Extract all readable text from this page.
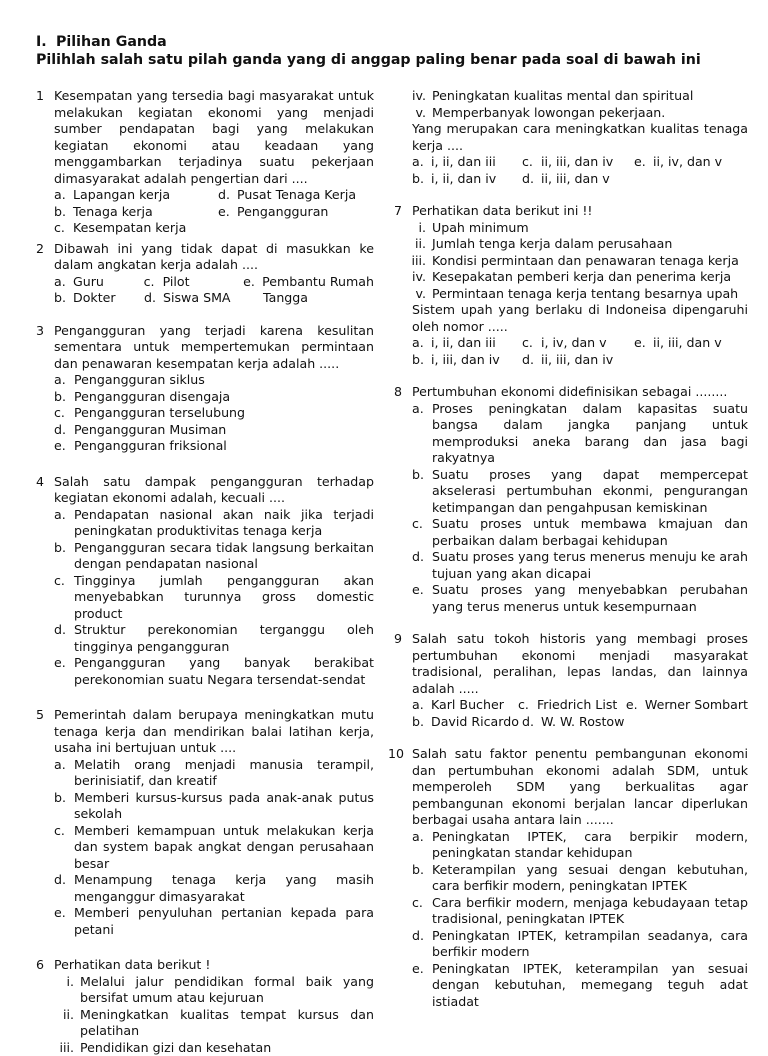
I. Pilihan Ganda
Pilihlah salah satu pilah ganda yang di anggap paling benar pada soal di bawah ini
1 Kesempatan yang tersedia bagi masyarakat untuk melakukan kegiatan ekonomi yang menjadi sumber pendapatan bagi yang melakukan kegiatan ekonomi atau keadaan yang menggambarkan terjadinya suatu pekerjaan dimasyarakat adalah pengertian dari ....
a. Lapangan kerja	d. Pusat Tenaga Kerja
b. Tenaga kerja	e. Pengangguran
c. Kesempatan kerja
2 Dibawah ini yang tidak dapat di masukkan ke dalam angkatan kerja adalah ....
a. Guru	c. Pilot	e. Pembantu Rumah
b. Dokter	d. Siswa SMA	Tangga
3 Pengangguran yang terjadi karena kesulitan sementara untuk mempertemukan permintaan dan penawaran kesempatan kerja adalah .....
a. Pengangguran siklus
b. Pengangguran disengaja
c. Pengangguran terselubung
d. Pengangguran Musiman
e. Pengangguran friksional
4 Salah satu dampak pengangguran terhadap kegiatan ekonomi adalah, kecuali ....
a. Pendapatan nasional akan naik jika terjadi peningkatan produktivitas tenaga kerja
b. Pengangguran secara tidak langsung berkaitan dengan pendapatan nasional
c. Tingginya jumlah pengangguran akan menyebabkan turunnya gross domestic product
d. Struktur perekonomian terganggu oleh tingginya pengangguran
e. Pengangguran yang banyak berakibat perekonomian suatu Negara tersendat-sendat
5 Pemerintah dalam berupaya meningkatkan mutu tenaga kerja dan mendirikan balai latihan kerja, usaha ini bertujuan untuk ....
a. Melatih orang menjadi manusia terampil, berinisiatif, dan kreatif
b. Memberi kursus-kursus pada anak-anak putus sekolah
c. Memberi kemampuan untuk melakukan kerja dan system bapak angkat dengan perusahaan besar
d. Menampung tenaga kerja yang masih menganggur dimasyarakat
e. Memberi penyuluhan pertanian kepada para petani
6 Perhatikan data berikut !
i. Melalui jalur pendidikan formal baik yang bersifat umum atau kejuruan
ii. Meningkatkan kualitas tempat kursus dan pelatihan
iii. Pendidikan gizi dan kesehatan
iv. Peningkatan kualitas mental dan spiritual
v. Memperbanyak lowongan pekerjaan.
Yang merupakan cara meningkatkan kualitas tenaga kerja ....
a. i, ii, dan iii	c. ii, iii, dan iv	e. ii, iv, dan v
b. i, ii, dan iv	d. ii, iii, dan v
7 Perhatikan data berikut ini !!
i. Upah minimum
ii. Jumlah tenga kerja dalam perusahaan
iii. Kondisi permintaan dan penawaran tenaga kerja
iv. Kesepakatan pemberi kerja dan penerima kerja
v. Permintaan tenaga kerja tentang besarnya upah
Sistem upah yang berlaku di Indoneisa dipengaruhi oleh nomor .....
a. i, ii, dan iii	c. i, iv, dan v	e. ii, iii, dan v
b. i, iii, dan iv	d. ii, iii, dan iv
8 Pertumbuhan ekonomi didefinisikan sebagai ........
a. Proses peningkatan dalam kapasitas suatu bangsa dalam jangka panjang untuk memproduksi aneka barang dan jasa bagi rakyatnya
b. Suatu proses yang dapat mempercepat akselerasi pertumbuhan ekonmi, pengurangan ketimpangan dan pengahpusan kemiskinan
c. Suatu proses untuk membawa kmajuan dan perbaikan dalam berbagai kehidupan
d. Suatu proses yang terus menerus menuju ke arah tujuan yang akan dicapai
e. Suatu proses yang menyebabkan perubahan yang terus menerus untuk kesempurnaan
9 Salah satu tokoh historis yang membagi proses pertumbuhan ekonomi menjadi masyarakat tradisional, peralihan, lepas landas, dan lainnya adalah .....
a. Karl Bucher	c. Friedrich List e. Werner Sombart
b. David Ricardo d. W. W. Rostow
10 Salah satu faktor penentu pembangunan ekonomi dan pertumbuhan ekonomi adalah SDM, untuk memperoleh SDM yang berkualitas agar pembangunan ekonomi berjalan lancar diperlukan berbagai usaha antara lain .......
a. Peningkatan IPTEK, cara berpikir modern, peningkatan standar kehidupan
b. Keterampilan yang sesuai dengan kebutuhan, cara berfikir modern, peningkatan IPTEK
c. Cara berfikir modern, menjaga kebudayaan tetap tradisional, peningkatan IPTEK
d. Peningkatan IPTEK, ketrampilan seadanya, cara berfikir modern
e. Peningkatan IPTEK, keterampilan yan sesuai dengan kebutuhan, memegang teguh adat istiadat
